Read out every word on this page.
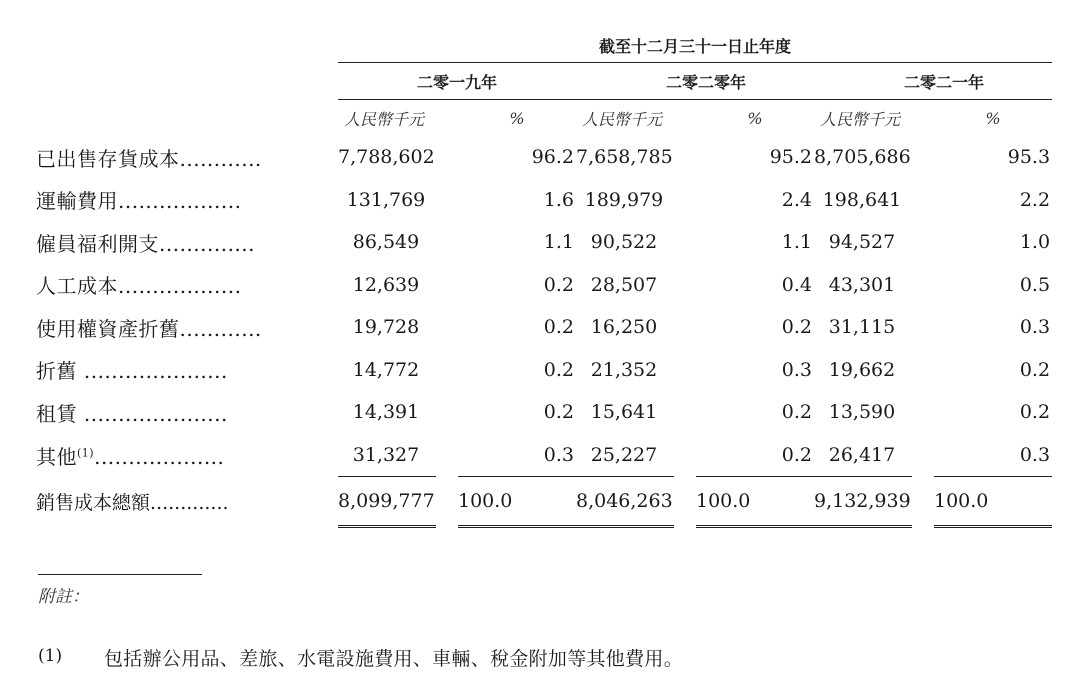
	截至十二月三十一日止年度								
	二零一九年			二零二零年			二零二一年		
	人民幣千元		%	人民幣千元		%	人民幣千元		%
已出售存貨成本............	7,788,602		96.2	7,658,785		95.2	8,705,686		95.3
運輸費用..................	131,769		1.6	189,979		2.4	198,641		2.2
僱員福利開支..............	86,549		1.1	90,522		1.1	94,527		1.0
人工成本..................	12,639		0.2	28,507		0.4	43,301		0.5
使用權資產折舊............	19,728		0.2	16,250		0.2	31,115		0.3
折舊 .....................	14,772		0.2	21,352		0.3	19,662		0.2
租賃 .....................	14,391		0.2	15,641		0.2	13,590		0.2
其他$^{(1)}$...................	31,327		0.3	25,227		0.2	26,417		0.3
銷售成本總額.............	8,099,777		100.0	8,046,263		100.0	9,132,939		100.0
附註：
(1) 包括辦公用品、差旅、水電設施費用、車輛、稅金附加等其他費用。
